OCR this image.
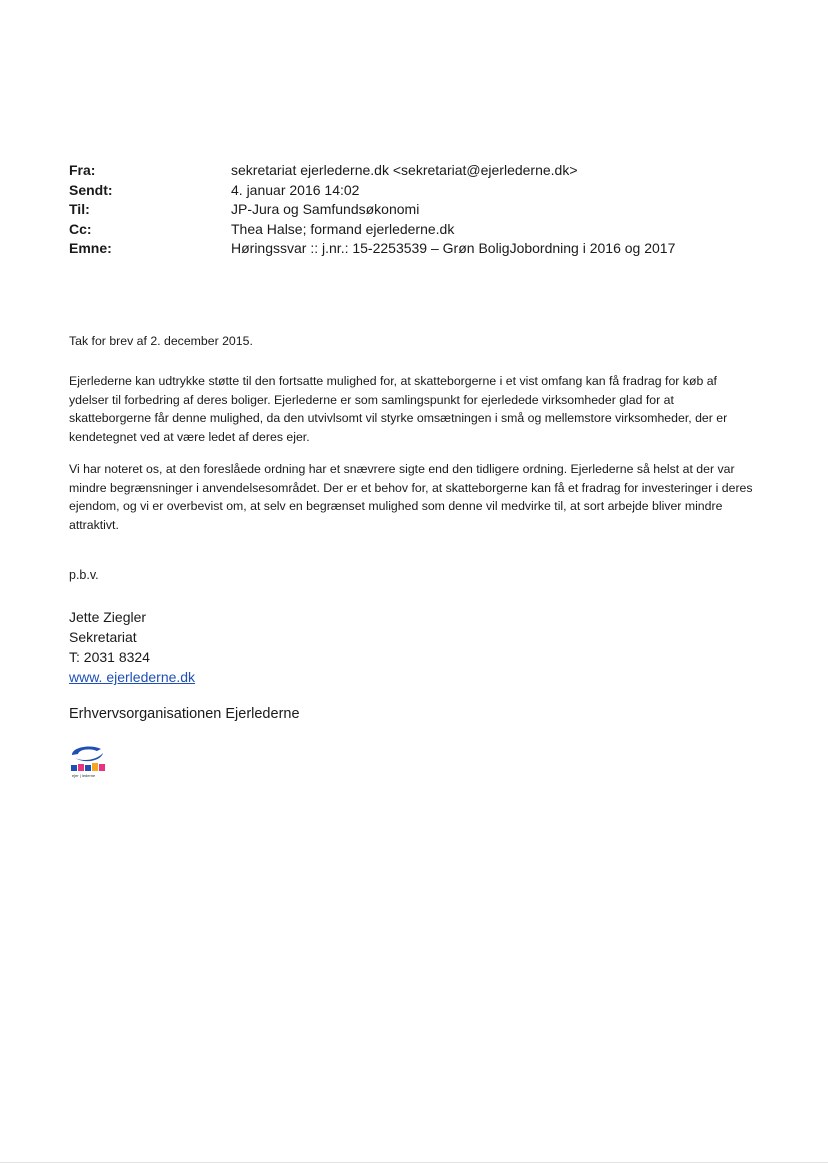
Fra:	sekretariat ejerlederne.dk <sekretariat@ejerlederne.dk>
Sendt:	4. januar 2016 14:02
Til:	JP-Jura og Samfundsøkonomi
Cc:	Thea Halse; formand ejerlederne.dk
Emne:	Høringssvar :: j.nr.: 15-2253539 – Grøn BoligJobordning i 2016 og 2017

Tak for brev af 2. december 2015.

Ejerlederne kan udtrykke støtte til den fortsatte mulighed for, at skatteborgerne i et vist omfang kan få fradrag for køb af ydelser til forbedring af deres boliger. Ejerlederne er som samlingspunkt for ejerledede virksomheder glad for at skatteborgerne får denne mulighed, da den utvivlsomt vil styrke omsætningen i små og mellemstore virksomheder, der er kendetegnet ved at være ledet af deres ejer.

Vi har noteret os, at den foreslåede ordning har et snævrere sigte end den tidligere ordning. Ejerlederne så helst at der var mindre begrænsninger i anvendelsesområdet. Der er et behov for, at skatteborgerne kan få et fradrag for investeringer i deres ejendom, og vi er overbevist om, at selv en begrænset mulighed som denne vil medvirke til, at sort arbejde bliver mindre attraktivt.

p.b.v.
Jette Ziegler
Sekretariat
T: 2031 8324
www. ejerlederne.dk
Erhvervsorganisationen Ejerlederne
ejer | lederne
